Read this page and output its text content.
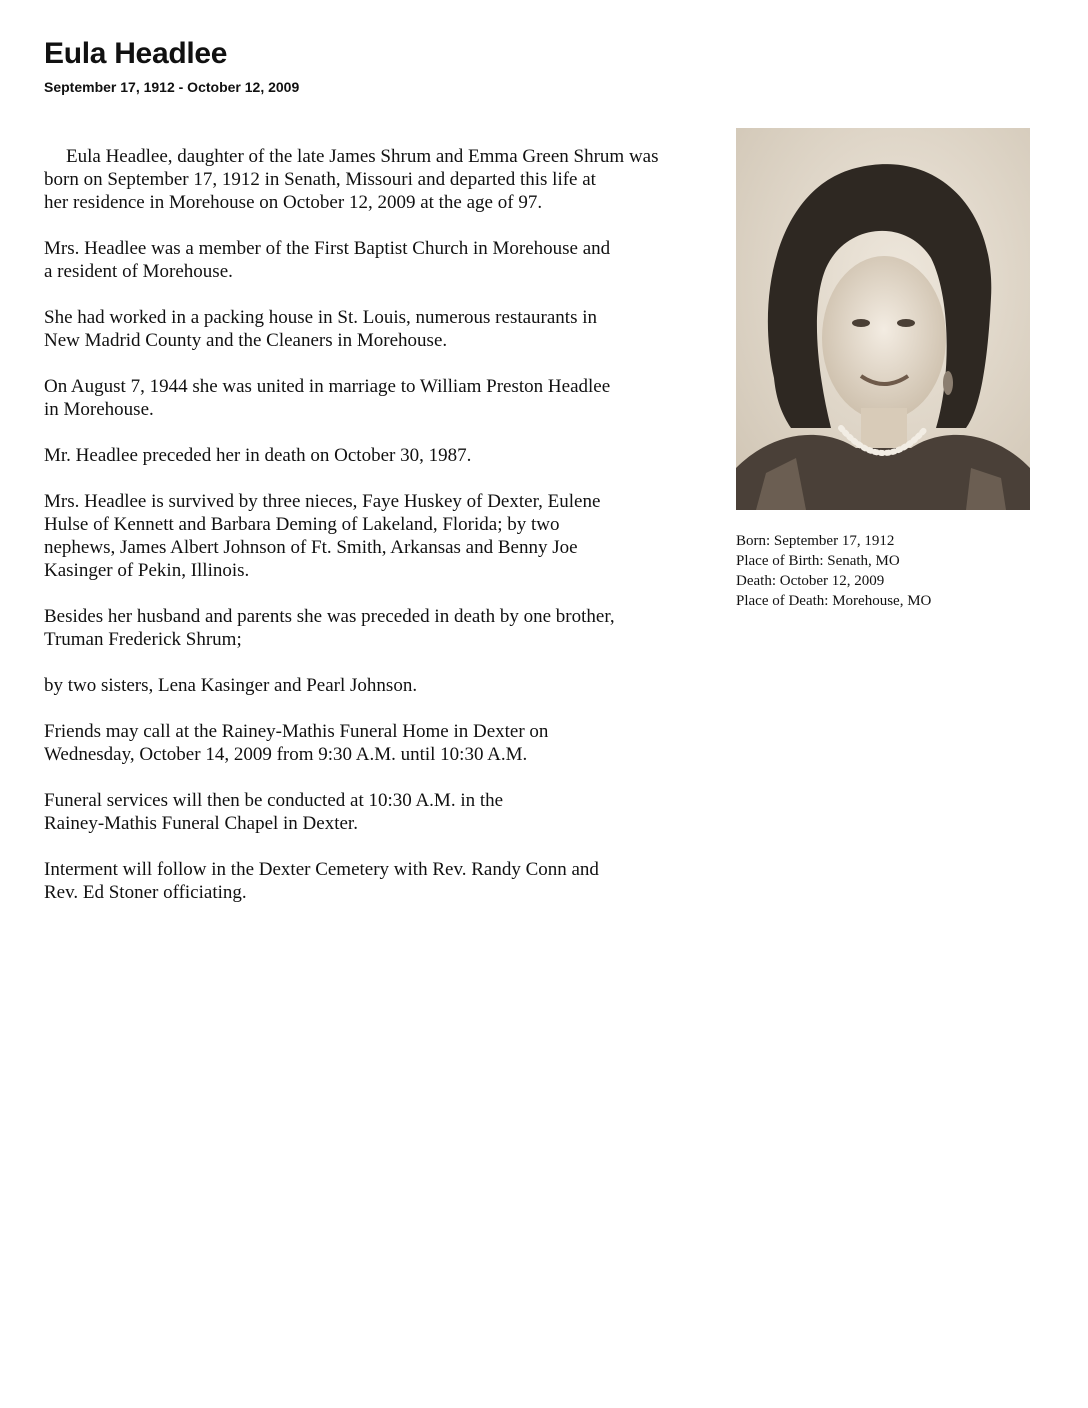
Eula Headlee

September 17, 1912 - October 12, 2009

Eula Headlee, daughter of the late James Shrum and Emma Green Shrum was
born on September 17, 1912 in Senath, Missouri and departed this life at
her residence in Morehouse on October 12, 2009 at the age of 97.

Mrs. Headlee was a member of the First Baptist Church in Morehouse and
a resident of Morehouse.

She had worked in a packing house in St. Louis, numerous restaurants in
New Madrid County and the Cleaners in Morehouse.

On August 7, 1944 she was united in marriage to William Preston Headlee
in Morehouse.

Mr. Headlee preceded her in death on October 30, 1987.

Mrs. Headlee is survived by three nieces, Faye Huskey of Dexter, Eulene
Hulse of Kennett and Barbara Deming of Lakeland, Florida; by two
nephews, James Albert Johnson of Ft. Smith, Arkansas and Benny Joe
Kasinger of Pekin, Illinois.

Besides her husband and parents she was preceded in death by one brother,
Truman Frederick Shrum;

by two sisters, Lena Kasinger and Pearl Johnson.

Friends may call at the Rainey-Mathis Funeral Home in Dexter on
Wednesday, October 14, 2009 from 9:30 A.M. until 10:30 A.M.

Funeral services will then be conducted at 10:30 A.M. in the
Rainey-Mathis Funeral Chapel in Dexter.

Interment will follow in the Dexter Cemetery with Rev. Randy Conn and
Rev. Ed Stoner officiating.

Born: September 17, 1912
Place of Birth: Senath, MO
Death: October 12, 2009
Place of Death: Morehouse, MO
